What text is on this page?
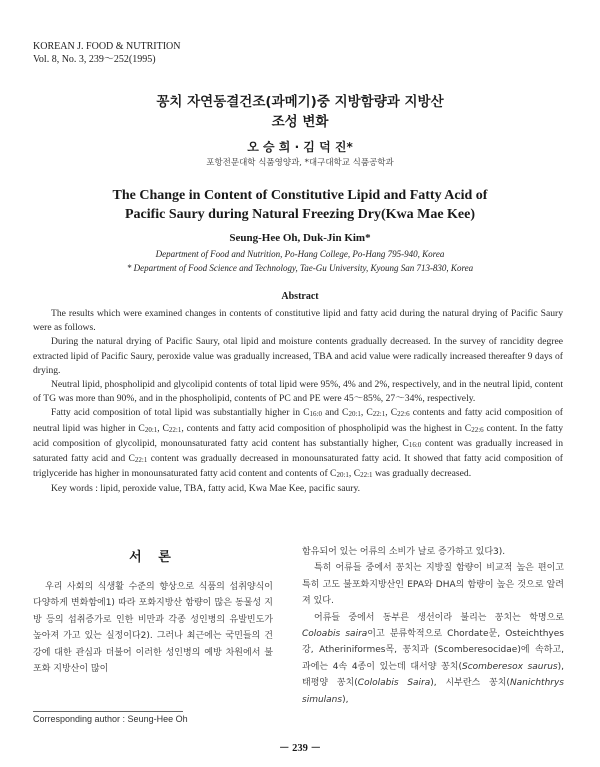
KOREAN J. FOOD & NUTRITION
Vol. 8, No. 3, 239～252(1995)
꽁치 자연동결건조(과메기)중 지방함량과 지방산
조성 변화
오 승 희 · 김 덕 진*
포항전문대학 식품영양과, *대구대학교 식품공학과
The Change in Content of Constitutive Lipid and Fatty Acid of
Pacific Saury during Natural Freezing Dry(Kwa Mae Kee)
Seung-Hee Oh, Duk-Jin Kim*
Department of Food and Nutrition, Po-Hang College, Po-Hang 795-940, Korea
* Department of Food Science and Technology, Tae-Gu University, Kyoung San 713-830, Korea
Abstract

The results which were examined changes in contents of constitutive lipid and fatty acid during the natural drying of Pacific Saury were as follows.

During the natural drying of Pacific Saury, otal lipid and moisture contents gradually decreased. In the survey of rancidity degree extracted lipid of Pacific Saury, peroxide value was gradually increased, TBA and acid value were radically increased thereafter 9 days of drying.

Neutral lipid, phospholipid and glycolipid contents of total lipid were 95%, 4% and 2%, respectively, and in the neutral lipid, content of TG was more than 90%, and in the phospholipid, contents of PC and PE were 45～85%, 27～34%, respectively.

Fatty acid composition of total lipid was substantially higher in C16:0 and C20:1, C22:1, C22:6 contents and fatty acid composition of neutral lipid was higher in C20:1, C22:1, contents and fatty acid composition of phospholipid was the highest in C22:6 content. In the fatty acid composition of glycolipid, monounsaturated fatty acid content has substantially higher, C16:0 content was gradually increased in saturated fatty acid and C22:1 content was gradually decreased in monounsaturated fatty acid. It showed that fatty acid composition of triglyceride has higher in monounsaturated fatty acid content and contents of C20:1, C22:1 was gradually decreased.

Key words : lipid, peroxide value, TBA, fatty acid, Kwa Mae Kee, pacific saury.

서 론

우리 사회의 식생활 수준의 향상으로 식품의 섭취양식이 다양하게 변화함에1) 따라 포화지방산 함량이 많은 동물성 지방 등의 섭취증가로 인한 비만과 각종 성인병의 유발빈도가 높아져 가고 있는 실정이다2). 그러나 최근에는 국민들의 건강에 대한 관심과 더불어 이러한 성인병의 예방 차원에서 불포화 지방산이 많이

함유되어 있는 어류의 소비가 날로 증가하고 있다3).

특히 어류들 중에서 꽁치는 지방질 함량이 비교적 높은 편이고 특히 고도 불포화지방산인 EPA와 DHA의 함량이 높은 것으로 알려져 있다.

어류들 중에서 동부른 생선이라 불리는 꽁치는 학명으로 Coloabis saira이고 분류학적으로 Chordate문, Osteichthyes강, Atheriniformes목, 꽁치과 (Scomberesocidae)에 속하고, 과에는 4속 4종이 있는데 대서양 꽁치(Scomberesox saurus), 태평양 꽁치(Cololabis Saira), 시부란스 꽁치(Nanichthrys simulans),

Corresponding author : Seung-Hee Oh
－ 239 －
